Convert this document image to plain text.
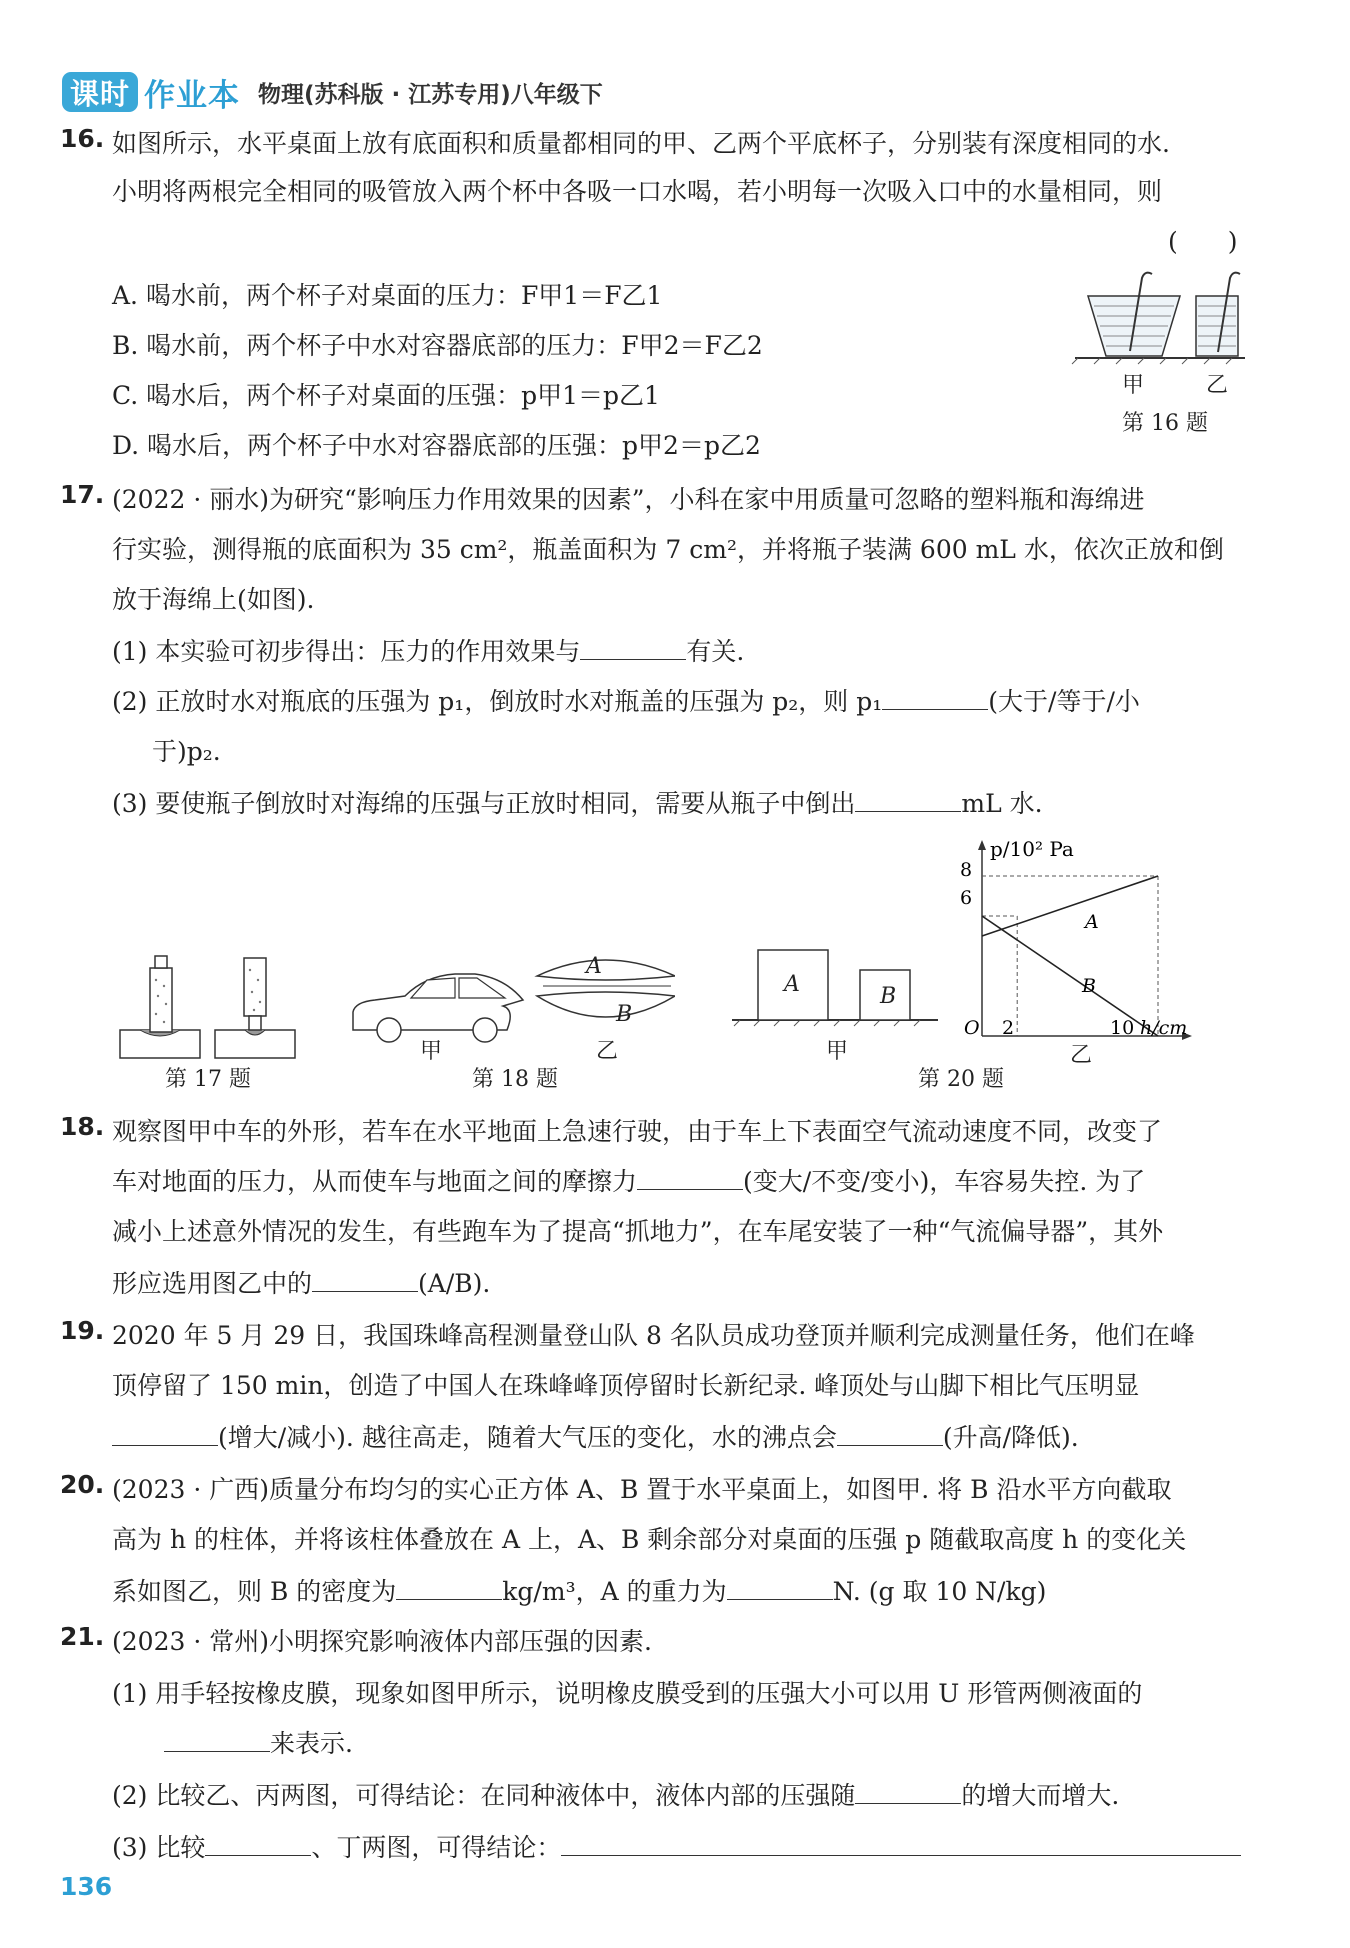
课时 作业本 物理(苏科版 · 江苏专用)八年级下
16. 如图所示，水平桌面上放有底面积和质量都相同的甲、乙两个平底杯子，分别装有深度相同的水.
小明将两根完全相同的吸管放入两个杯中各吸一口水喝，若小明每一次吸入口中的水量相同，则
(　　)
A. 喝水前，两个杯子对桌面的压力：F甲1＝F乙1
B. 喝水前，两个杯子中水对容器底部的压力：F甲2＝F乙2
C. 喝水后，两个杯子对桌面的压强：p甲1＝p乙1
D. 喝水后，两个杯子中水对容器底部的压强：p甲2＝p乙2
甲	乙
第 16 题
17. (2022 · 丽水)为研究“影响压力作用效果的因素”，小科在家中用质量可忽略的塑料瓶和海绵进
行实验，测得瓶的底面积为 35 cm²，瓶盖面积为 7 cm²，并将瓶子装满 600 mL 水，依次正放和倒
放于海绵上(如图).
(1) 本实验可初步得出：压力的作用效果与	有关.
(2) 正放时水对瓶底的压强为 p₁，倒放时水对瓶盖的压强为 p₂，则 p₁	(大于/等于/小
于)p₂.
(3) 要使瓶子倒放时对海绵的压强与正放时相同，需要从瓶子中倒出	mL 水.
第 17 题
A
B
甲	乙
第 18 题
A	B
甲
p/10² Pa
8
6
O 2	10 h/cm
A
B
乙
第 20 题
18. 观察图甲中车的外形，若车在水平地面上急速行驶，由于车上下表面空气流动速度不同，改变了
车对地面的压力，从而使车与地面之间的摩擦力	(变大/不变/变小)，车容易失控. 为了
减小上述意外情况的发生，有些跑车为了提高“抓地力”，在车尾安装了一种“气流偏导器”，其外
形应选用图乙中的	(A/B).
19. 2020 年 5 月 29 日，我国珠峰高程测量登山队 8 名队员成功登顶并顺利完成测量任务，他们在峰
顶停留了 150 min，创造了中国人在珠峰峰顶停留时长新纪录. 峰顶处与山脚下相比气压明显
(增大/减小). 越往高走，随着大气压的变化，水的沸点会	(升高/降低).
20. (2023 · 广西)质量分布均匀的实心正方体 A、B 置于水平桌面上，如图甲. 将 B 沿水平方向截取
高为 h 的柱体，并将该柱体叠放在 A 上，A、B 剩余部分对桌面的压强 p 随截取高度 h 的变化关
系如图乙，则 B 的密度为	kg/m³，A 的重力为	N. (g 取 10 N/kg)
21. (2023 · 常州)小明探究影响液体内部压强的因素.
(1) 用手轻按橡皮膜，现象如图甲所示，说明橡皮膜受到的压强大小可以用 U 形管两侧液面的
来表示.
(2) 比较乙、丙两图，可得结论：在同种液体中，液体内部的压强随	的增大而增大.
(3) 比较	、丁两图，可得结论：
136
